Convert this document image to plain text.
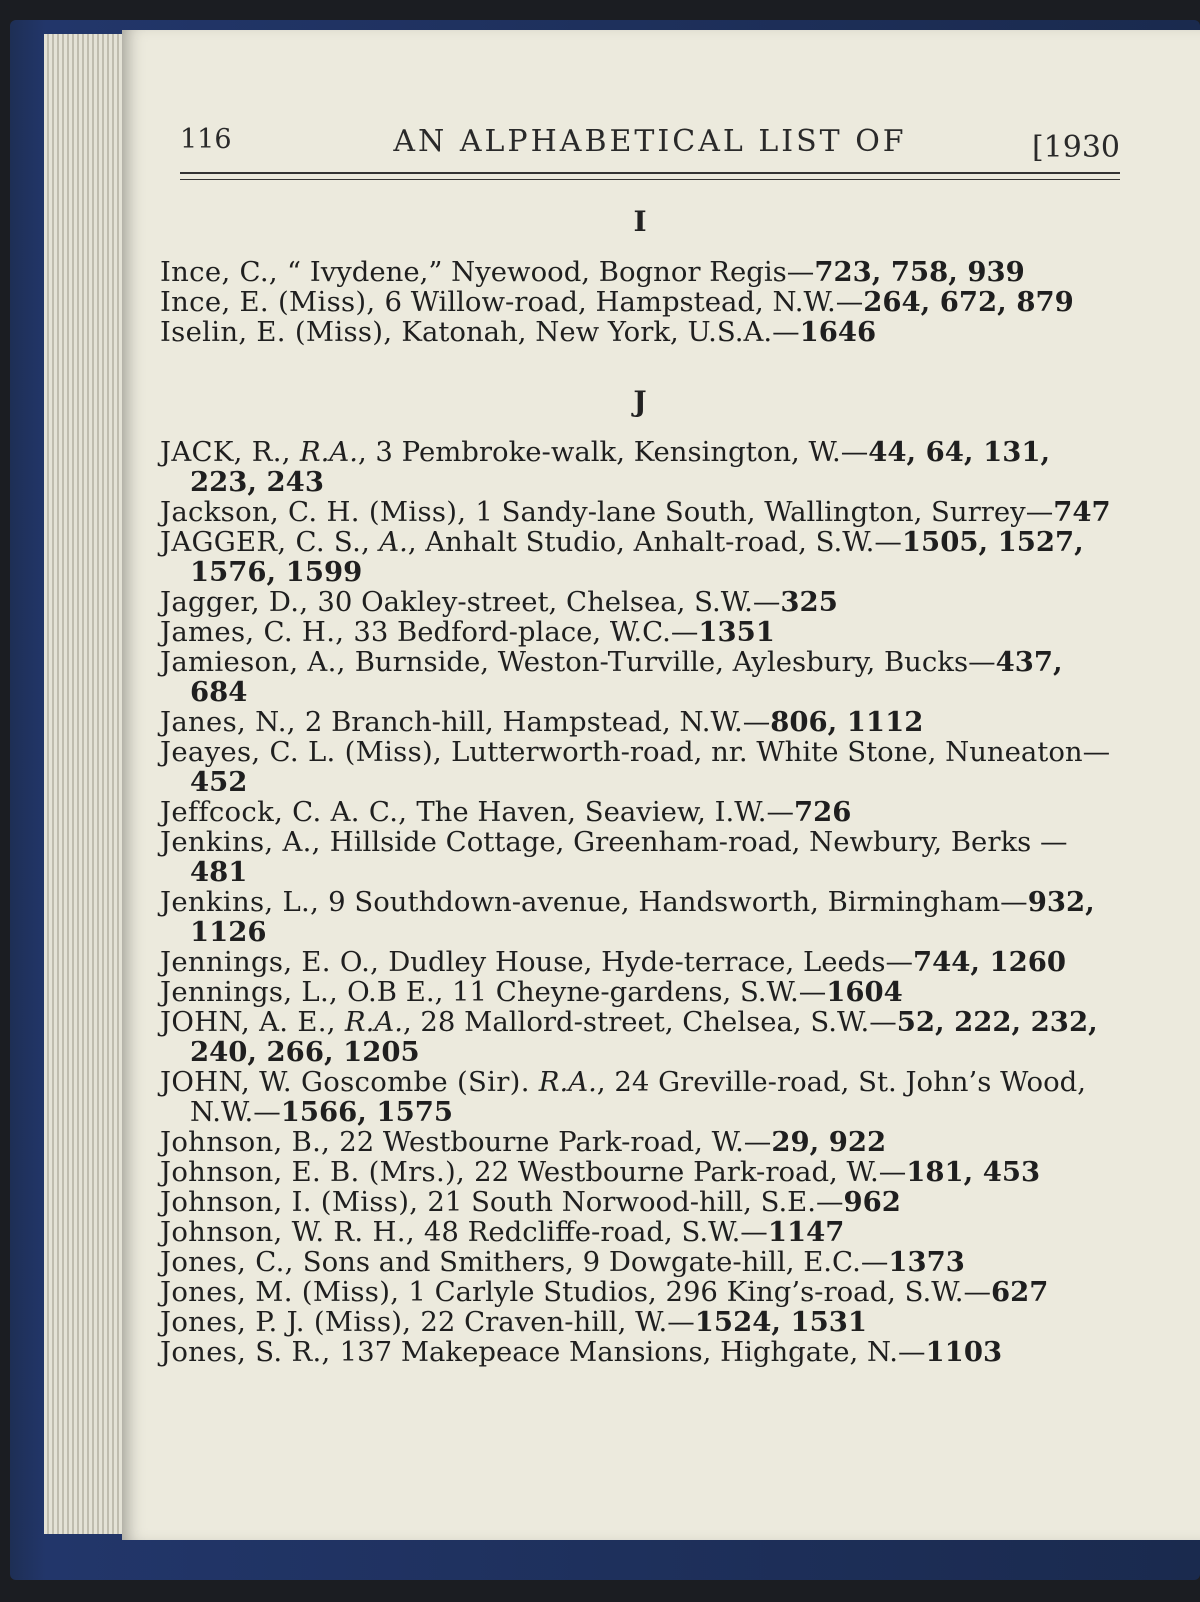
116	AN ALPHABETICAL LIST OF	[1930
I

Ince, C., “ Ivydene,” Nyewood, Bognor Regis—723, 758, 939

Ince, E. (Miss), 6 Willow-road, Hampstead, N.W.—264, 672, 879

Iselin, E. (Miss), Katonah, New York, U.S.A.—1646

J

JACK, R., R.A., 3 Pembroke-walk, Kensington, W.—44, 64, 131, 223, 243

Jackson, C. H. (Miss), 1 Sandy-lane South, Wallington, Surrey—747

JAGGER, C. S., A., Anhalt Studio, Anhalt-road, S.W.—1505, 1527, 1576, 1599

Jagger, D., 30 Oakley-street, Chelsea, S.W.—325

James, C. H., 33 Bedford-place, W.C.—1351

Jamieson, A., Burnside, Weston-Turville, Aylesbury, Bucks—437, 684

Janes, N., 2 Branch-hill, Hampstead, N.W.—806, 1112

Jeayes, C. L. (Miss), Lutterworth-road, nr. White Stone, Nuneaton—452

Jeffcock, C. A. C., The Haven, Seaview, I.W.—726

Jenkins, A., Hillside Cottage, Greenham-road, Newbury, Berks —481

Jenkins, L., 9 Southdown-avenue, Handsworth, Birmingham—932, 1126

Jennings, E. O., Dudley House, Hyde-terrace, Leeds—744, 1260

Jennings, L., O.B E., 11 Cheyne-gardens, S.W.—1604

JOHN, A. E., R.A., 28 Mallord-street, Chelsea, S.W.—52, 222, 232, 240, 266, 1205

JOHN, W. Goscombe (Sir). R.A., 24 Greville-road, St. John’s Wood, N.W.—1566, 1575

Johnson, B., 22 Westbourne Park-road, W.—29, 922

Johnson, E. B. (Mrs.), 22 Westbourne Park-road, W.—181, 453

Johnson, I. (Miss), 21 South Norwood-hill, S.E.—962

Johnson, W. R. H., 48 Redcliffe-road, S.W.—1147

Jones, C., Sons and Smithers, 9 Dowgate-hill, E.C.—1373

Jones, M. (Miss), 1 Carlyle Studios, 296 King’s-road, S.W.—627

Jones, P. J. (Miss), 22 Craven-hill, W.—1524, 1531

Jones, S. R., 137 Makepeace Mansions, Highgate, N.—1103
